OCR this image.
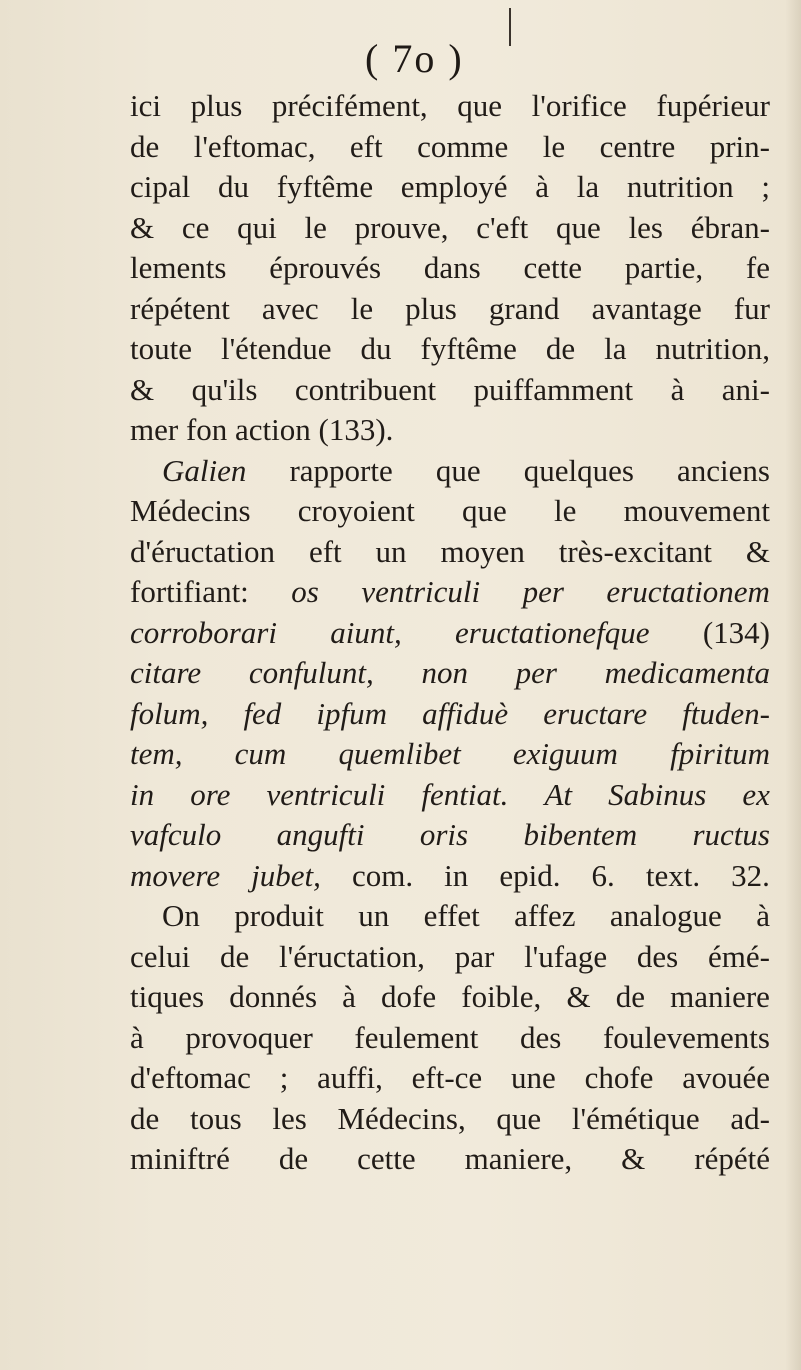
( 7o )
ici plus précifément, que l'orifice fupérieur
de l'eftomac, eft comme le centre prin-
cipal du fyftême employé à la nutrition ;
& ce qui le prouve, c'eft que les ébran-
lements éprouvés dans cette partie, fe
répétent avec le plus grand avantage fur
toute l'étendue du fyftême de la nutrition,
& qu'ils contribuent puiffamment à ani-
mer
fon
action
(133).
Galien rapporte que quelques anciens
Médecins croyoient que le mouvement
d'éructation eft un moyen très-excitant &
fortifiant: os ventriculi per eructationem
corroborari aiunt, eructationefque (134)
citare confulunt, non per medicamenta
folum, fed ipfum affiduè eructare ftuden-
tem, cum quemlibet exiguum fpiritum
in ore ventriculi fentiat. At Sabinus ex
vafculo angufti oris bibentem ructus
movere jubet, com. in epid. 6. text. 32.
On produit un effet affez analogue à
celui de l'éructation, par l'ufage des émé-
tiques donnés à dofe foible, & de maniere
à provoquer feulement des foulevements
d'eftomac ; auffi, eft-ce une chofe avouée
de tous les Médecins, que l'émétique ad-
miniftré de cette maniere, & répété
